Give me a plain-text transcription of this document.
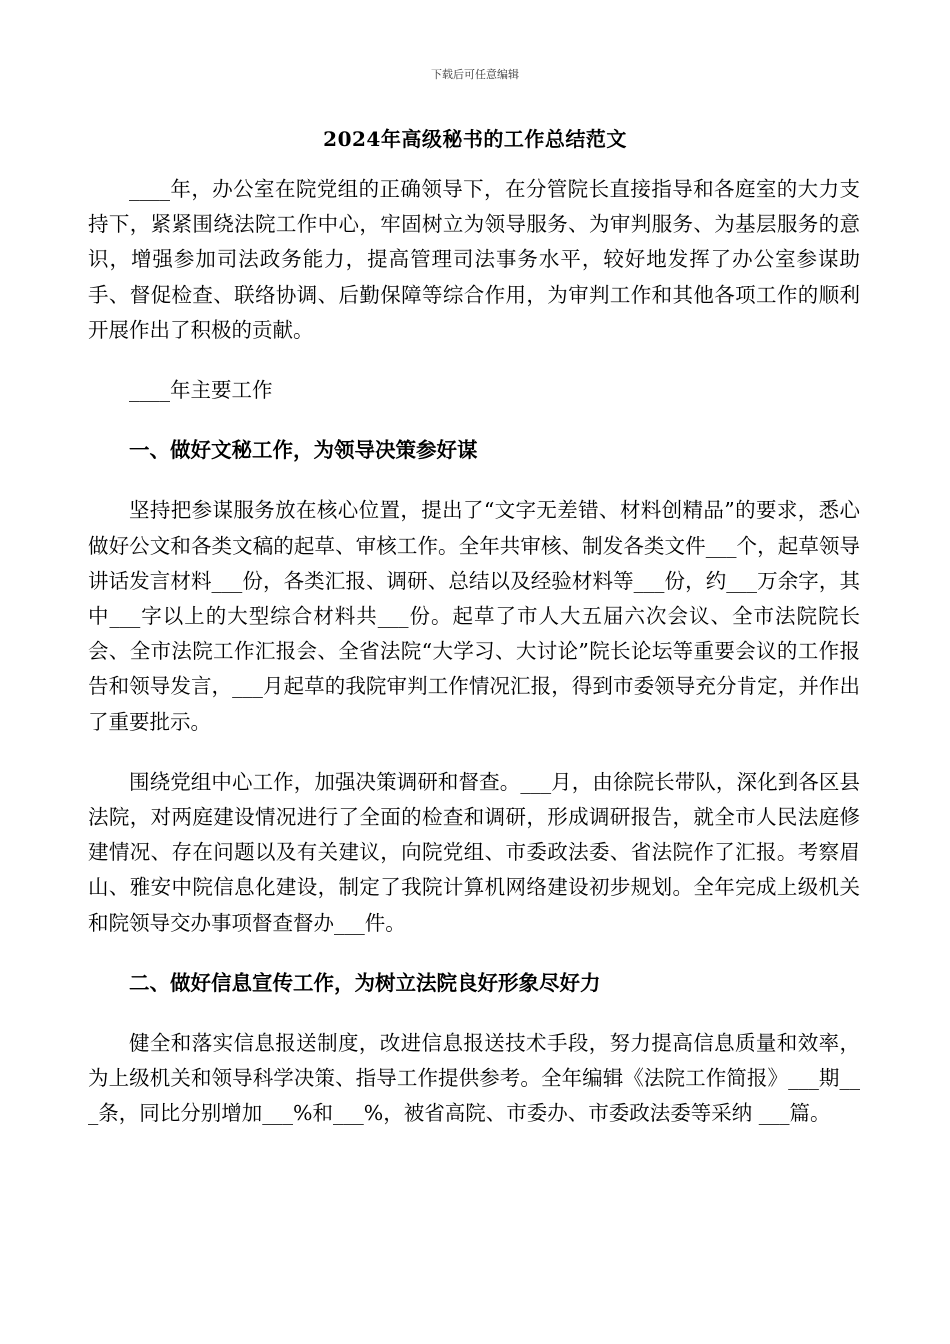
下载后可任意编辑
2024年高级秘书的工作总结范文

____年，办公室在院党组的正确领导下，在分管院长直接指导和各庭室的大力支持下，紧紧围绕法院工作中心，牢固树立为领导服务、为审判服务、为基层服务的意识，增强参加司法政务能力，提高管理司法事务水平，较好地发挥了办公室参谋助手、督促检查、联络协调、后勤保障等综合作用，为审判工作和其他各项工作的顺利开展作出了积极的贡献。

____年主要工作

一、做好文秘工作，为领导决策参好谋

坚持把参谋服务放在核心位置，提出了“文字无差错、材料创精品”的要求，悉心做好公文和各类文稿的起草、审核工作。全年共审核、制发各类文件___个，起草领导讲话发言材料___份，各类汇报、调研、总结以及经验材料等___份，约___万余字，其中___字以上的大型综合材料共___份。起草了市人大五届六次会议、全市法院院长会、全市法院工作汇报会、全省法院“大学习、大讨论”院长论坛等重要会议的工作报告和领导发言，___月起草的我院审判工作情况汇报，得到市委领导充分肯定，并作出了重要批示。

围绕党组中心工作，加强决策调研和督查。___月，由徐院长带队，深化到各区县法院，对两庭建设情况进行了全面的检查和调研，形成调研报告，就全市人民法庭修建情况、存在问题以及有关建议，向院党组、市委政法委、省法院作了汇报。考察眉山、雅安中院信息化建设，制定了我院计算机网络建设初步规划。全年完成上级机关和院领导交办事项督查督办___件。

二、做好信息宣传工作，为树立法院良好形象尽好力

健全和落实信息报送制度，改进信息报送技术手段，努力提高信息质量和效率，为上级机关和领导科学决策、指导工作提供参考。全年编辑《法院工作简报》___期___条，同比分别增加___%和___%，被省高院、市委办、市委政法委等采纳 ___篇。
